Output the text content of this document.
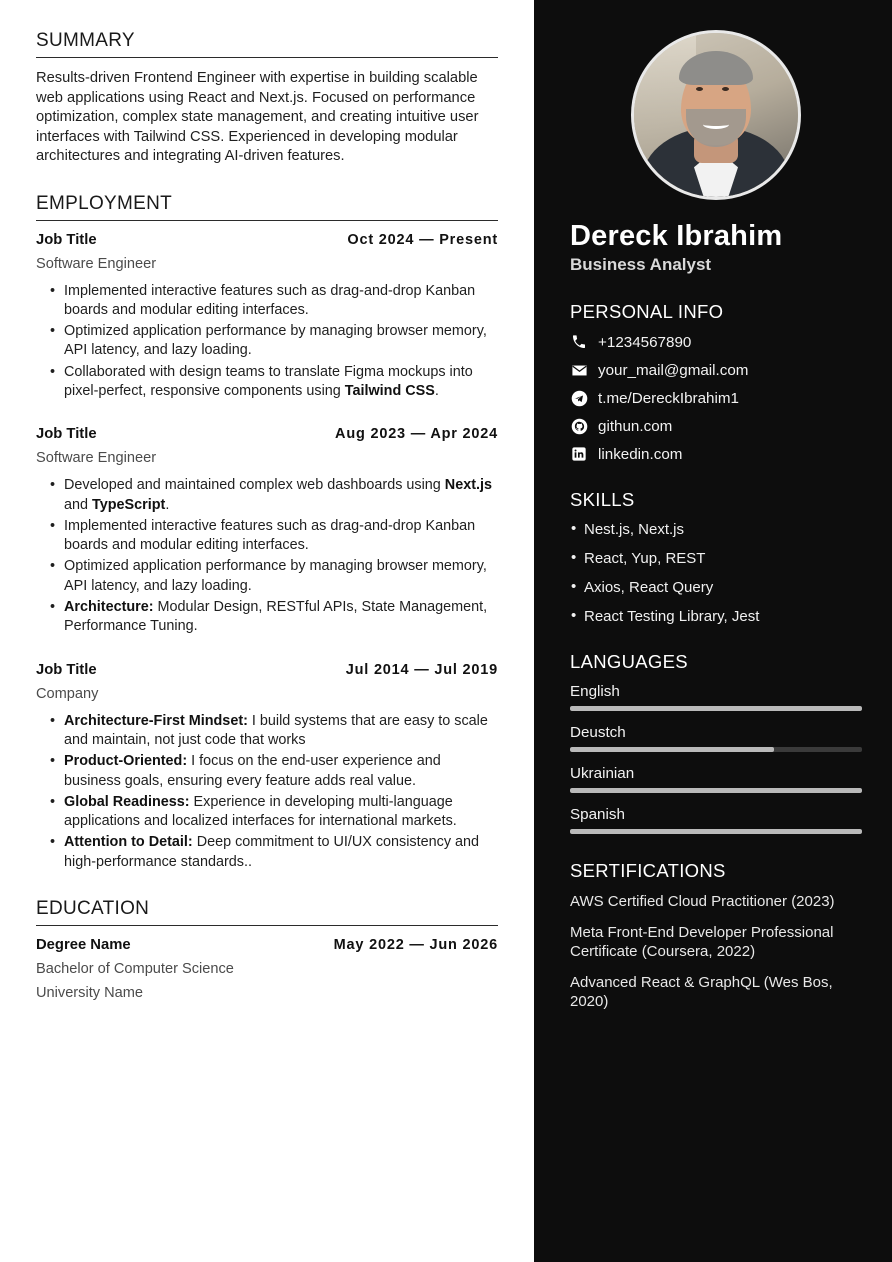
SUMMARY

Results-driven Frontend Engineer with expertise in building scalable web applications using React and Next.js. Focused on performance optimization, complex state management, and creating intuitive user interfaces with Tailwind CSS. Experienced in developing modular architectures and integrating AI-driven features.

EMPLOYMENT
Job Title	Oct 2024 — Present
Software Engineer
• Implemented interactive features such as drag-and-drop Kanban boards and modular editing interfaces.
• Optimized application performance by managing browser memory, API latency, and lazy loading.
• Collaborated with design teams to translate Figma mockups into pixel-perfect, responsive components using Tailwind CSS.
Job Title	Aug 2023 — Apr 2024
Software Engineer
• Developed and maintained complex web dashboards using Next.js and TypeScript.
• Implemented interactive features such as drag-and-drop Kanban boards and modular editing interfaces.
• Optimized application performance by managing browser memory, API latency, and lazy loading.
• Architecture: Modular Design, RESTful APIs, State Management, Performance Tuning.
Job Title	Jul 2014 — Jul 2019
Company
• Architecture-First Mindset: I build systems that are easy to scale and maintain, not just code that works
• Product-Oriented: I focus on the end-user experience and business goals, ensuring every feature adds real value.
• Global Readiness: Experience in developing multi-language applications and localized interfaces for international markets.
• Attention to Detail: Deep commitment to UI/UX consistency and high-performance standards..
EDUCATION
Degree Name	May 2022 — Jun 2026
Bachelor of Computer Science
University Name
Dereck Ibrahim
Business Analyst
PERSONAL INFO
+1234567890
your_mail@gmail.com
t.me/DereckIbrahim1
githun.com
linkedin.com
SKILLS
• Nest.js, Next.js
• React, Yup, REST
• Axios, React Query
• React Testing Library, Jest
LANGUAGES
English
Deustch
Ukrainian
Spanish
SERTIFICATIONS
AWS Certified Cloud Practitioner (2023)
Meta Front-End Developer Professional Certificate (Coursera, 2022)
Advanced React & GraphQL (Wes Bos, 2020)
